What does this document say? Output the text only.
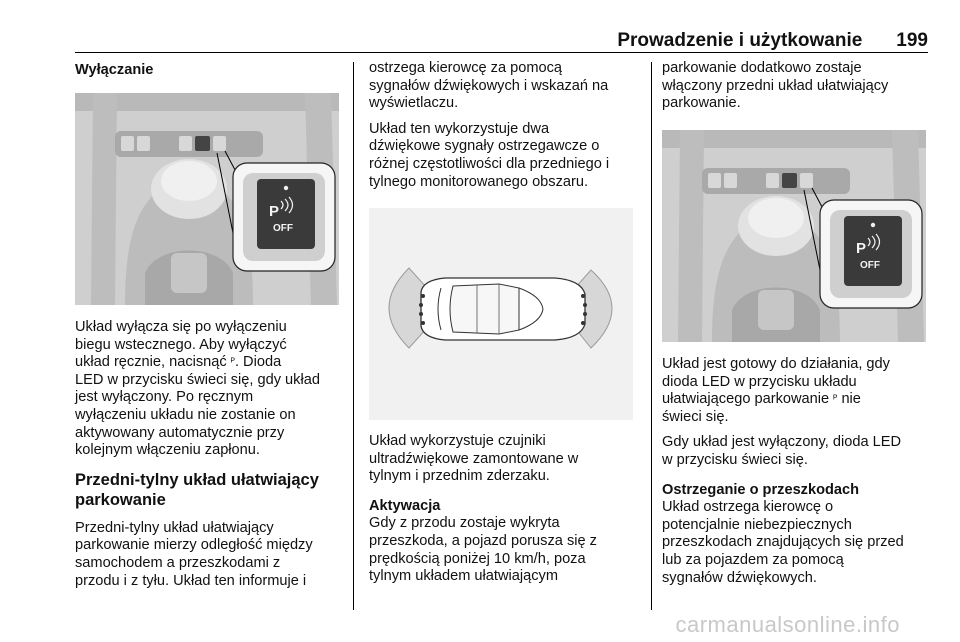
Prowadzenie i użytkowanie 199
Wyłączanie
P
OFF

Układ wyłącza się po wyłączeniu
biegu wstecznego. Aby wyłączyć
układ ręcznie, nacisnąć ᴾ. Dioda
LED w przycisku świeci się, gdy układ
jest wyłączony. Po ręcznym
wyłączeniu układu nie zostanie on
aktywowany automatycznie przy
kolejnym włączeniu zapłonu.

Przedni-tylny układ ułatwiający
parkowanie

Przedni-tylny układ ułatwiający
parkowanie mierzy odległość między
samochodem a przeszkodami z
przodu i z tyłu. Układ ten informuje i

ostrzega kierowcę za pomocą
sygnałów dźwiękowych i wskazań na
wyświetlaczu.

Układ ten wykorzystuje dwa
dźwiękowe sygnały ostrzegawcze o
różnej częstotliwości dla przedniego i
tylnego monitorowanego obszaru.

Układ wykorzystuje czujniki
ultradźwiękowe zamontowane w
tylnym i przednim zderzaku.

Aktywacja

Gdy z przodu zostaje wykryta
przeszkoda, a pojazd porusza się z
prędkością poniżej 10 km/h, poza
tylnym układem ułatwiającym

parkowanie dodatkowo zostaje
włączony przedni układ ułatwiający
parkowanie.

P
OFF

Układ jest gotowy do działania, gdy
dioda LED w przycisku układu
ułatwiającego parkowanie ᴾ nie
świeci się.

Gdy układ jest wyłączony, dioda LED
w przycisku świeci się.

Ostrzeganie o przeszkodach

Układ ostrzega kierowcę o
potencjalnie niebezpiecznych
przeszkodach znajdujących się przed
lub za pojazdem za pomocą
sygnałów dźwiękowych.

carmanualsonline.info
